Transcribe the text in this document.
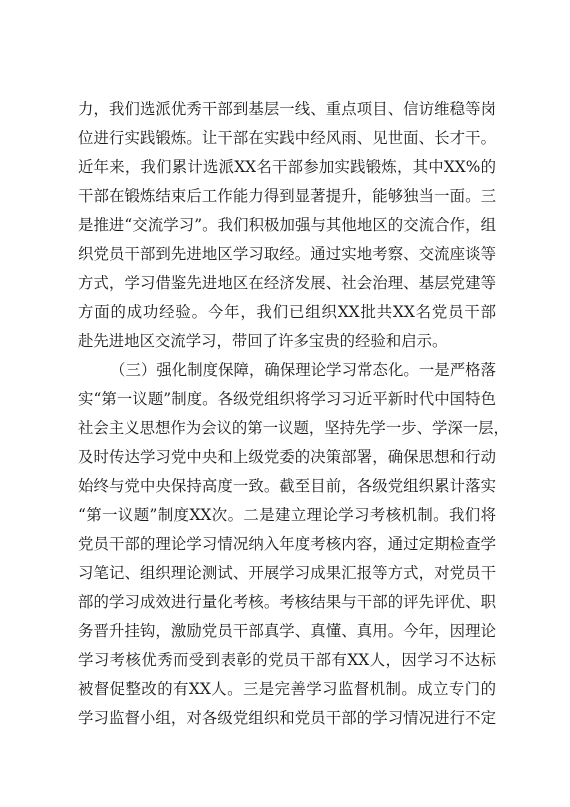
力，我们选派优秀干部到基层一线、重点项目、信访维稳等岗
位进行实践锻炼。让干部在实践中经风雨、见世面、长才干。
近年来，我们累计选派XX名干部参加实践锻炼，其中XX%的
干部在锻炼结束后工作能力得到显著提升，能够独当一面。三
是推进“交流学习”。我们积极加强与其他地区的交流合作，组
织党员干部到先进地区学习取经。通过实地考察、交流座谈等
方式，学习借鉴先进地区在经济发展、社会治理、基层党建等
方面的成功经验。今年，我们已组织XX批共XX名党员干部
赴先进地区交流学习，带回了许多宝贵的经验和启示。
（三）强化制度保障，确保理论学习常态化。一是严格落
实“第一议题”制度。各级党组织将学习习近平新时代中国特色
社会主义思想作为会议的第一议题，坚持先学一步、学深一层，
及时传达学习党中央和上级党委的决策部署，确保思想和行动
始终与党中央保持高度一致。截至目前，各级党组织累计落实
“第一议题”制度XX次。二是建立理论学习考核机制。我们将
党员干部的理论学习情况纳入年度考核内容，通过定期检查学
习笔记、组织理论测试、开展学习成果汇报等方式，对党员干
部的学习成效进行量化考核。考核结果与干部的评先评优、职
务晋升挂钩，激励党员干部真学、真懂、真用。今年，因理论
学习考核优秀而受到表彰的党员干部有XX人，因学习不达标
被督促整改的有XX人。三是完善学习监督机制。成立专门的
学习监督小组，对各级党组织和党员干部的学习情况进行不定
